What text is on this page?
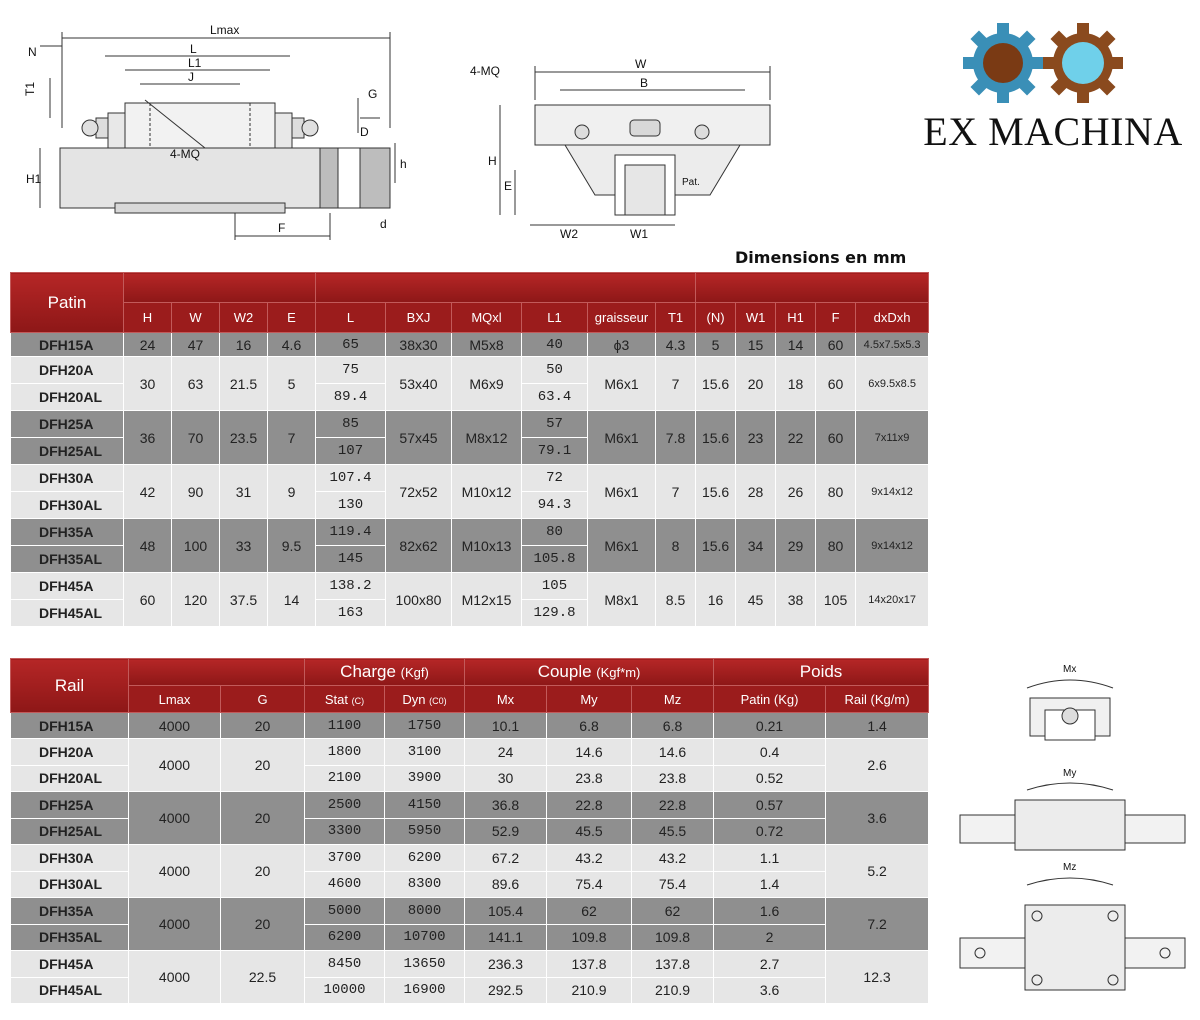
Lmax
N	L
L1
J
T1	G
D
4-MQ
H1
h
F	d
4-MQ	W
B
H
E	Pat.
W2	W1
EX MACHINA
Dimensions en mm
Patin															
	H	W	W2	E	L	BXJ	MQxl	L1	graisseur	T1	(N)	W1	H1	F	dxDxh
DFH15A	24	47	16	4.6	65	38x30	M5x8	40	ϕ3	4.3	5	15	14	60	4.5x7.5x5.3
DFH20A	30	63	21.5	5	75	53x40	M6x9	50	M6x1	7	15.6	20	18	60	6x9.5x8.5
DFH20AL					89.4			63.4							
DFH25A	36	70	23.5	7	85	57x45	M8x12	57	M6x1	7.8	15.6	23	22	60	7x11x9
DFH25AL					107			79.1							
DFH30A	42	90	31	9	107.4	72x52	M10x12	72	M6x1	7	15.6	28	26	80	9x14x12
DFH30AL					130			94.3							
DFH35A	48	100	33	9.5	119.4	82x62	M10x13	80	M6x1	8	15.6	34	29	80	9x14x12
DFH35AL					145			105.8							
DFH45A	60	120	37.5	14	138.2	100x80	M12x15	105	M8x1	8.5	16	45	38	105	14x20x17
DFH45AL					163			129.8							
Rail			Charge (Kgf)		Couple (Kgf*m)			Poids	
	Lmax	G	Stat (C)	Dyn (C0)	Mx	My	Mz	Patin (Kg)	Rail (Kg/m)
DFH15A	4000	20	1100	1750	10.1	6.8	6.8	0.21	1.4
DFH20A	4000	20	1800	3100	24	14.6	14.6	0.4	2.6
DFH20AL			2100	3900	30	23.8	23.8	0.52	
DFH25A	4000	20	2500	4150	36.8	22.8	22.8	0.57	3.6
DFH25AL			3300	5950	52.9	45.5	45.5	0.72	
DFH30A	4000	20	3700	6200	67.2	43.2	43.2	1.1	5.2
DFH30AL			4600	8300	89.6	75.4	75.4	1.4	
DFH35A	4000	20	5000	8000	105.4	62	62	1.6	7.2
DFH35AL			6200	10700	141.1	109.8	109.8	2	
DFH45A	4000	22.5	8450	13650	236.3	137.8	137.8	2.7	12.3
DFH45AL			10000	16900	292.5	210.9	210.9	3.6	
Mx
My
Mz
